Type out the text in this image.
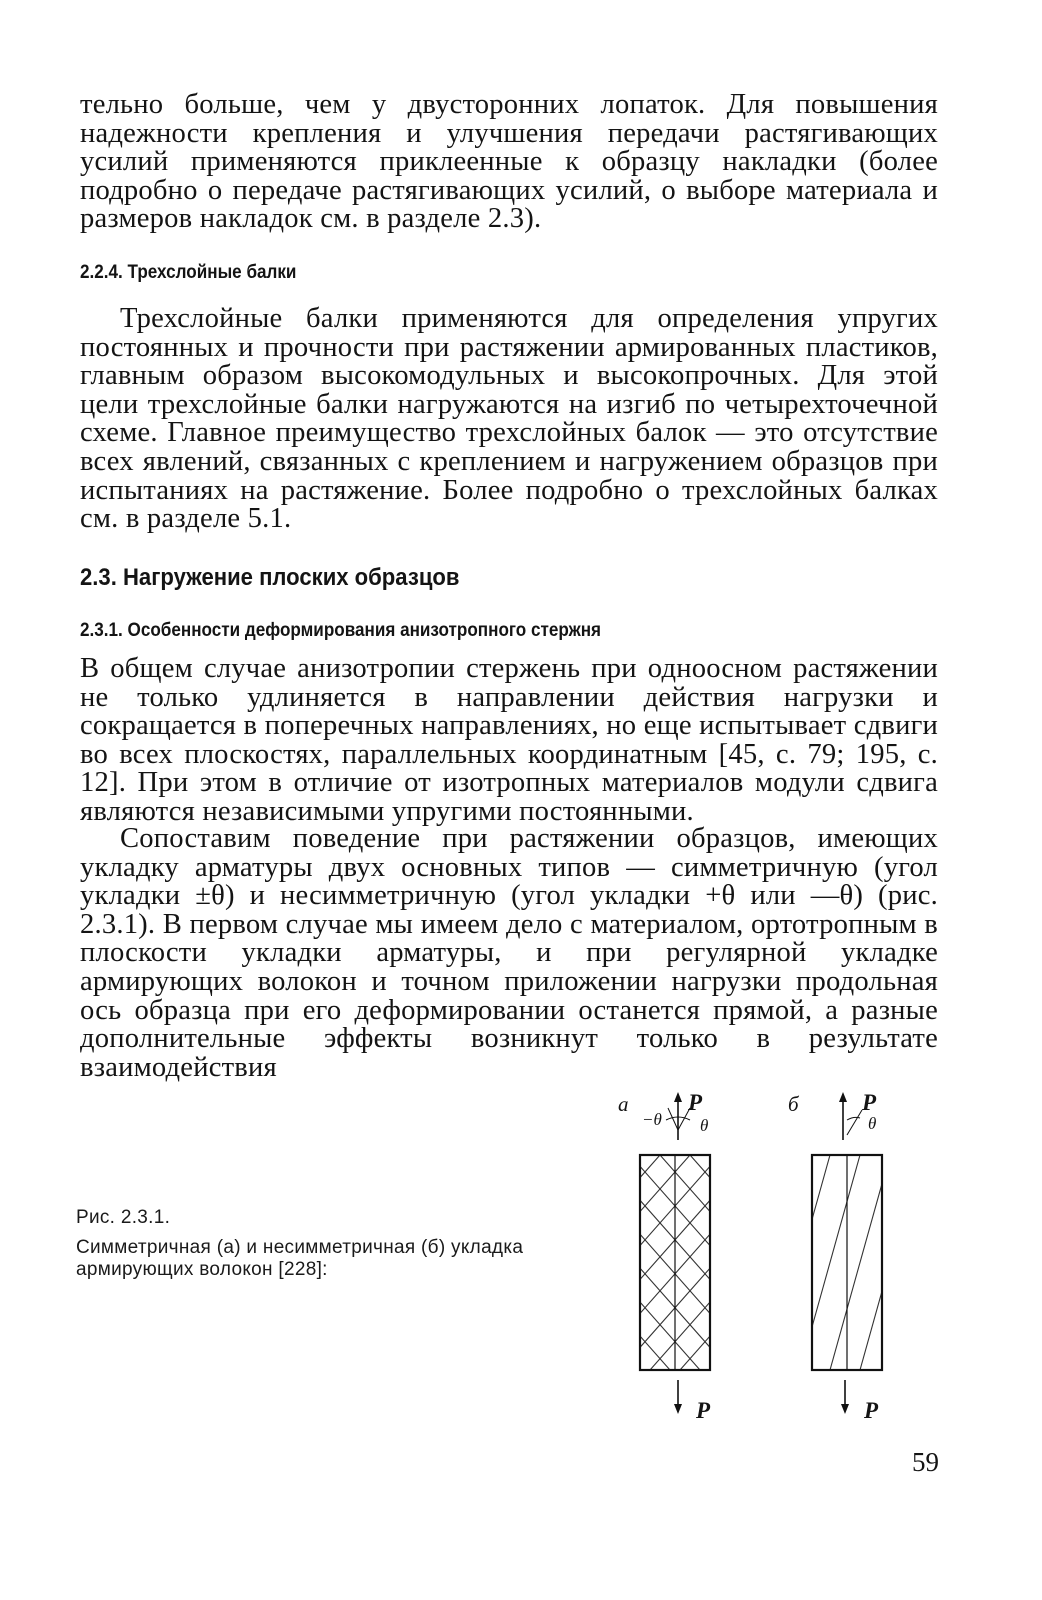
тельно больше, чем у двусторонних лопаток. Для повышения надежности крепления и улучшения передачи растягивающих усилий применяются приклеенные к образцу накладки (более подробно о передаче растягивающих усилий, о выборе материала и размеров накладок см. в разделе 2.3).
2.2.4. Трехслойные балки
Трехслойные балки применяются для определения упругих постоянных и прочности при растяжении армированных пластиков, главным образом высокомодульных и высокопрочных. Для этой цели трехслойные балки нагружаются на изгиб по четырехточечной схеме. Главное преимущество трехслойных балок — это отсутствие всех явлений, связанных с креплением и нагружением образцов при испытаниях на растяжение. Более подробно о трехслойных балках см. в разделе 5.1.
2.3. Нагружение плоских образцов
2.3.1. Особенности деформирования анизотропного стержня
В общем случае анизотропии стержень при одноосном растяжении не только удлиняется в направлении действия нагрузки и сокращается в поперечных направлениях, но еще испытывает сдвиги во всех плоскостях, параллельных координатным [45, с. 79; 195, с. 12]. При этом в отличие от изотропных материалов модули сдвига являются независимыми упругими постоянными.
Сопоставим поведение при растяжении образцов, имеющих укладку арматуры двух основных типов — симметричную (угол укладки ±θ) и несимметричную (угол укладки +θ или —θ) (рис. 2.3.1). В первом случае мы имеем дело с материалом, ортотропным в плоскости укладки арматуры, и при регулярной укладке армирующих волокон и точном приложении нагрузки продольная ось образца при его деформировании останется прямой, а разные дополнительные эффекты возникнут только в результате взаимодействия
Рис. 2.3.1.
Симметричная (а) и несимметричная (б) укладка армирующих волокон [228]:
а	P
−θ θ
P
б	P
θ
P
59
